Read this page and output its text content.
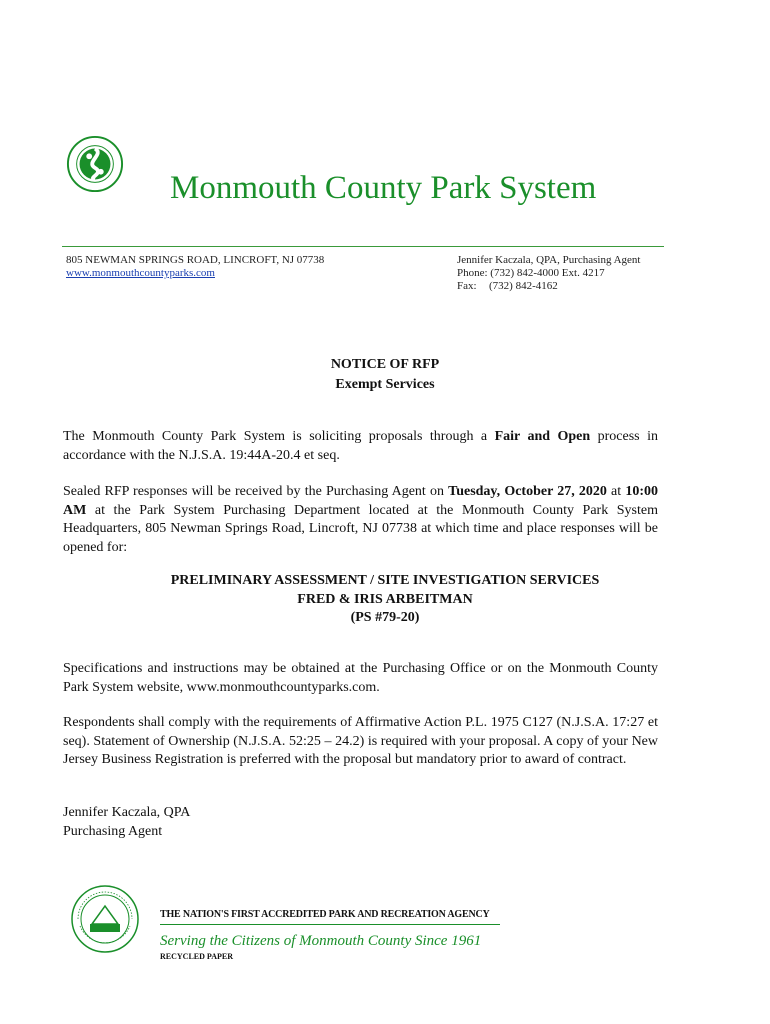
Monmouth County Park System
805 NEWMAN SPRINGS ROAD, LINCROFT, NJ 07738
www.monmouthcountyparks.com
Jennifer Kaczala, QPA, Purchasing Agent
Phone: (732) 842-4000 Ext. 4217
Fax: (732) 842-4162
NOTICE OF RFP
Exempt Services
The Monmouth County Park System is soliciting proposals through a Fair and Open process in accordance with the N.J.S.A. 19:44A-20.4 et seq.
Sealed RFP responses will be received by the Purchasing Agent on Tuesday, October 27, 2020 at 10:00 AM at the Park System Purchasing Department located at the Monmouth County Park System Headquarters, 805 Newman Springs Road, Lincroft, NJ 07738 at which time and place responses will be opened for:
PRELIMINARY ASSESSMENT / SITE INVESTIGATION SERVICES
FRED & IRIS ARBEITMAN
(PS #79-20)
Specifications and instructions may be obtained at the Purchasing Office or on the Monmouth County Park System website, www.monmouthcountyparks.com.
Respondents shall comply with the requirements of Affirmative Action P.L. 1975 C127 (N.J.S.A. 17:27 et seq). Statement of Ownership (N.J.S.A. 52:25 – 24.2) is required with your proposal. A copy of your New Jersey Business Registration is preferred with the proposal but mandatory prior to award of contract.
Jennifer Kaczala, QPA
Purchasing Agent
THE NATION'S FIRST ACCREDITED PARK AND RECREATION AGENCY
Serving the Citizens of Monmouth County Since 1961
RECYCLED PAPER
